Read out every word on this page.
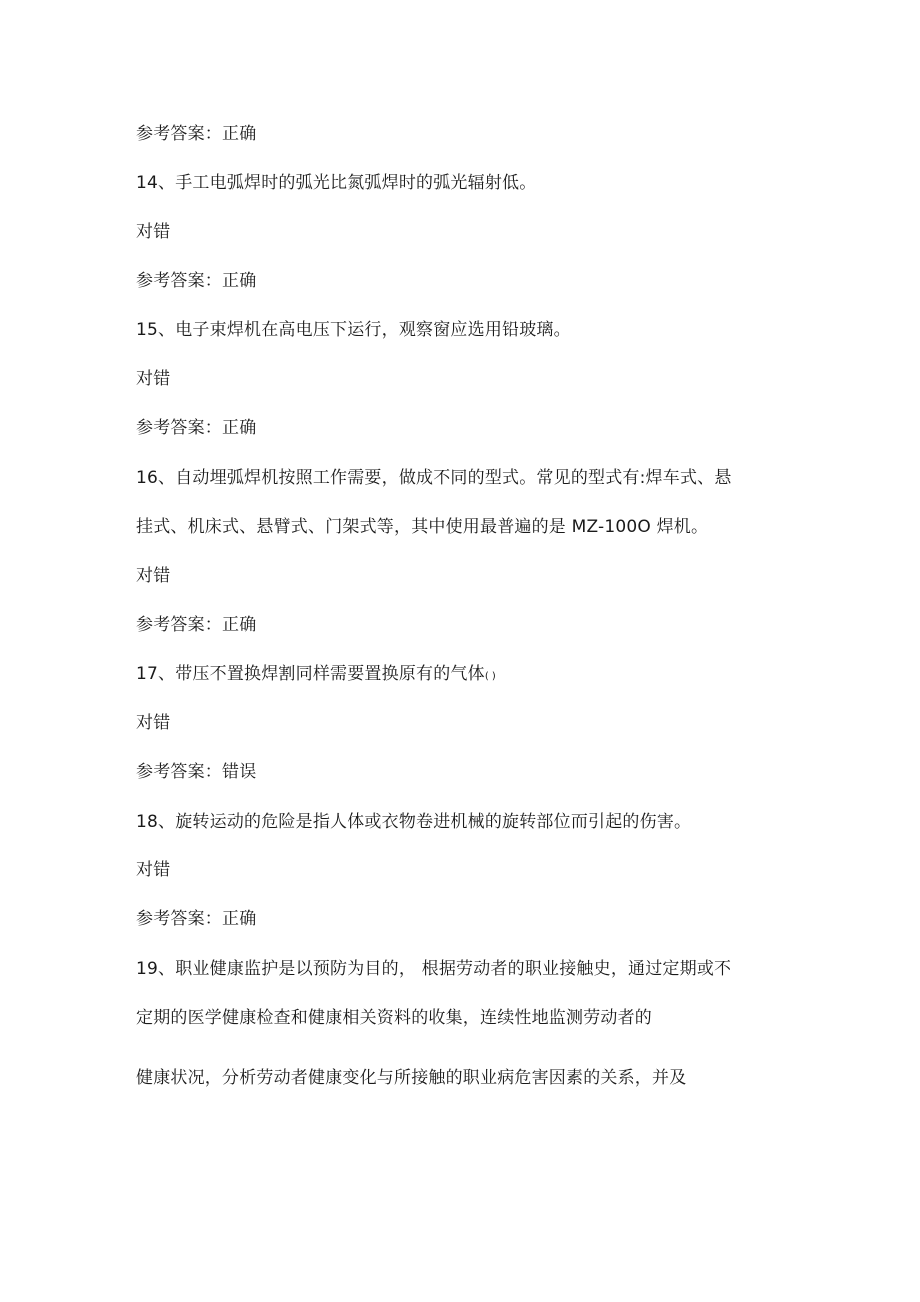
参考答案：正确
14、手工电弧焊时的弧光比氮弧焊时的弧光辐射低。
对错
参考答案：正确
15、电子束焊机在高电压下运行，观察窗应选用铅玻璃。
对错
参考答案：正确
16、自动埋弧焊机按照工作需要，做成不同的型式。常见的型式有:焊车式、悬
挂式、机床式、悬臂式、门架式等，其中使用最普遍的是 MZ-100O 焊机。
对错
参考答案：正确
17、带压不置换焊割同样需要置换原有的气体( )
对错
参考答案：错误
18、旋转运动的危险是指人体或衣物卷进机械的旋转部位而引起的伤害。
对错
参考答案：正确
19、职业健康监护是以预防为目的， 根据劳动者的职业接触史，通过定期或不
定期的医学健康检查和健康相关资料的收集，连续性地监测劳动者的
健康状况，分析劳动者健康变化与所接触的职业病危害因素的关系，并及
